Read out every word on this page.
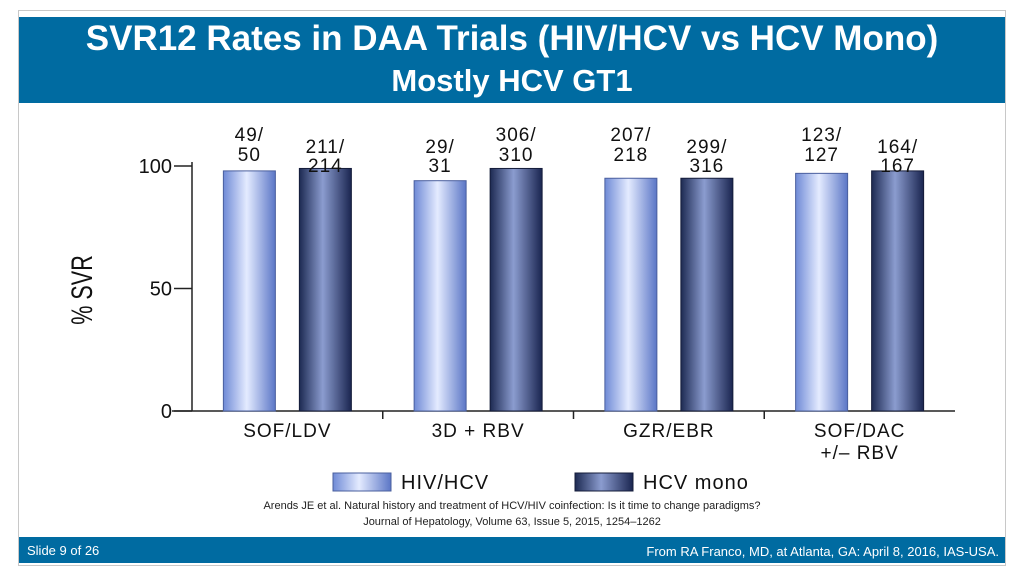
SVR12 Rates in DAA Trials (HIV/HCV vs HCV Mono)
Mostly HCV GT1
0
50
100
% SVR
SOF/LDV	3D + RBV	GZR/EBR	SOF/DAC
+/– RBV
49/
50 211/
214
29/
31
306/
310
207/
218 299/
316
123/
127 164/
167
HIV/HCV	HCV mono
Arends JE et al. Natural history and treatment of HCV/HIV coinfection: Is it time to change paradigms?
Journal of Hepatology, Volume 63, Issue 5, 2015, 1254–1262
Slide 9 of 26	From RA Franco, MD, at Atlanta, GA: April 8, 2016, IAS-USA.
